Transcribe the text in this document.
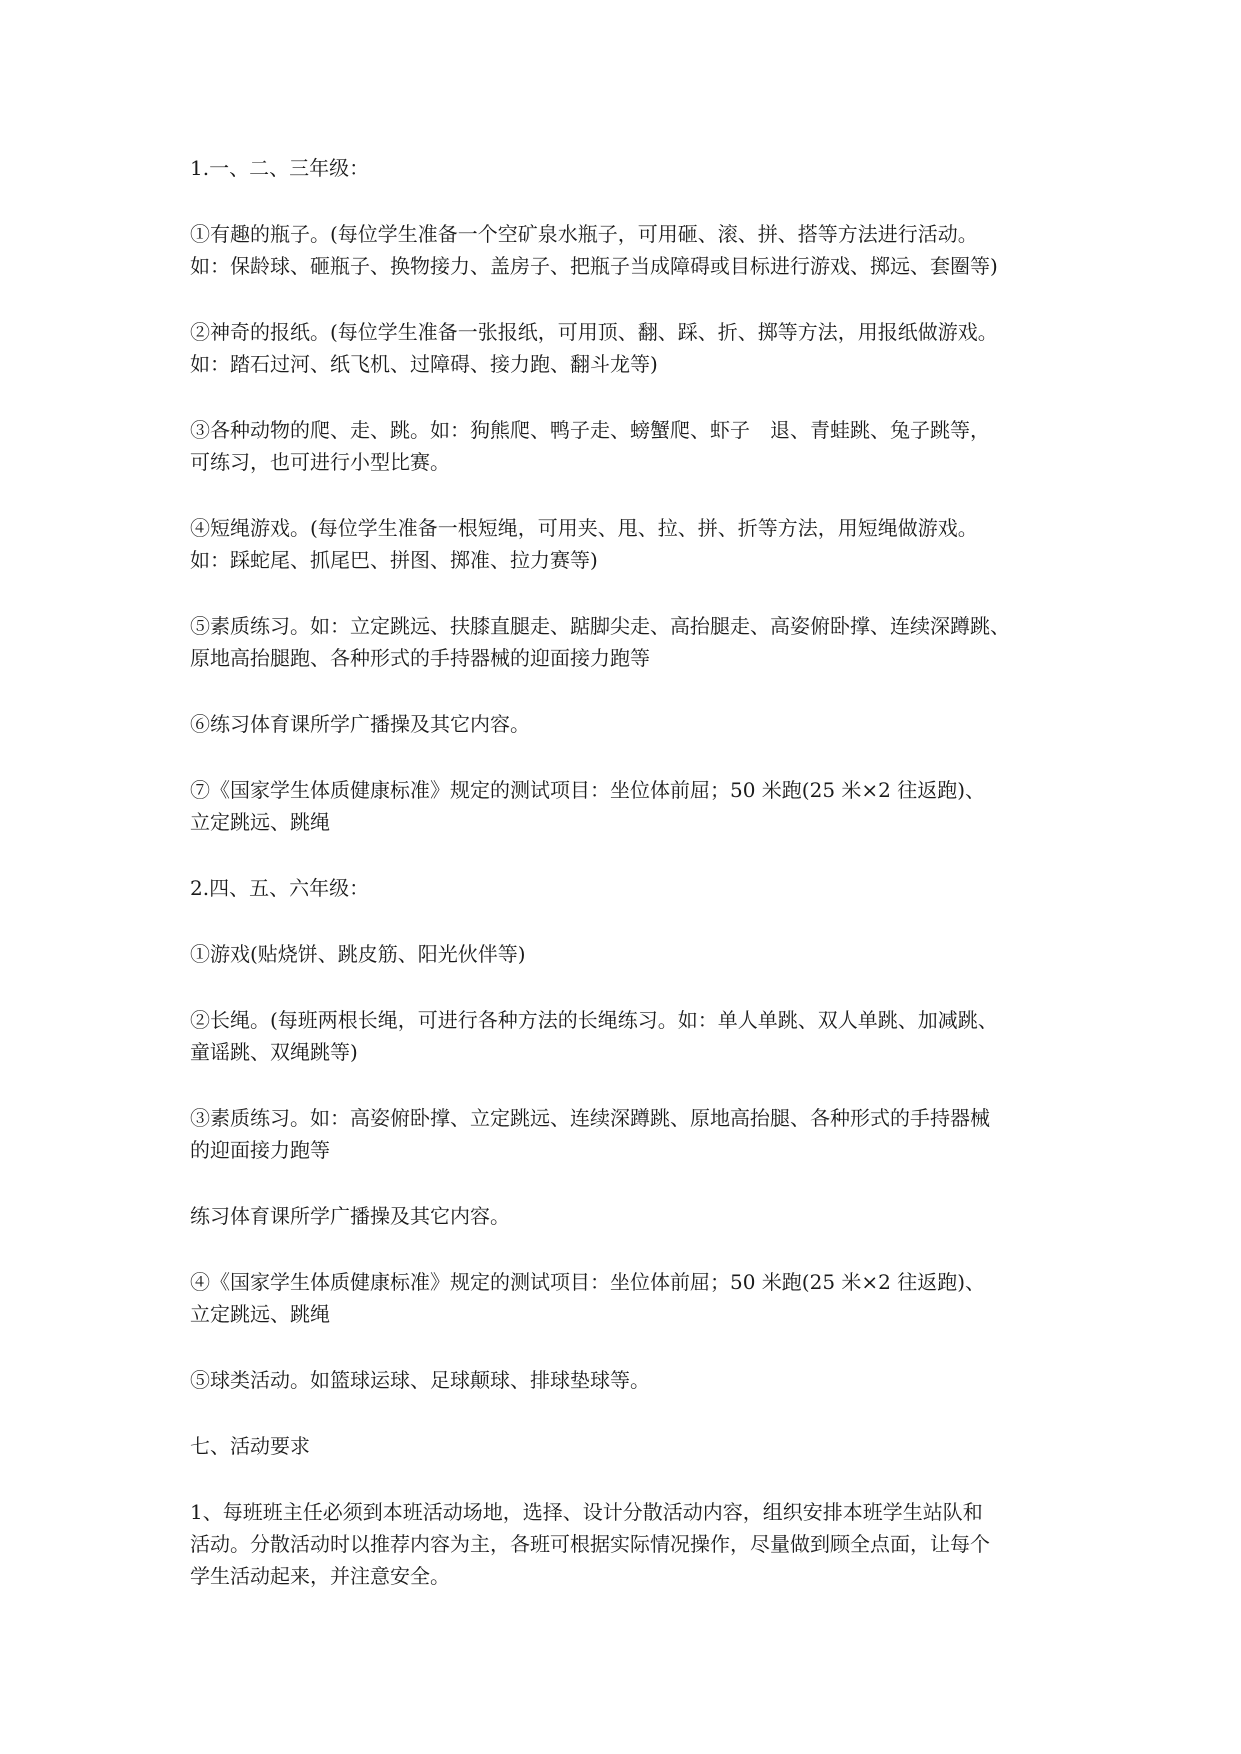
1.一、二、三年级：

①有趣的瓶子。(每位学生准备一个空矿泉水瓶子，可用砸、滚、拼、搭等方法进行活动。
如：保龄球、砸瓶子、换物接力、盖房子、把瓶子当成障碍或目标进行游戏、掷远、套圈等)

②神奇的报纸。(每位学生准备一张报纸，可用顶、翻、踩、折、掷等方法，用报纸做游戏。
如：踏石过河、纸飞机、过障碍、接力跑、翻斗龙等)

③各种动物的爬、走、跳。如：狗熊爬、鸭子走、螃蟹爬、虾子　退、青蛙跳、兔子跳等，
可练习，也可进行小型比赛。

④短绳游戏。(每位学生准备一根短绳，可用夹、甩、拉、拼、折等方法，用短绳做游戏。
如：踩蛇尾、抓尾巴、拼图、掷准、拉力赛等)

⑤素质练习。如：立定跳远、扶膝直腿走、踮脚尖走、高抬腿走、高姿俯卧撑、连续深蹲跳、
原地高抬腿跑、各种形式的手持器械的迎面接力跑等

⑥练习体育课所学广播操及其它内容。

⑦《国家学生体质健康标准》规定的测试项目：坐位体前屈；50 米跑(25 米×2 往返跑)、
立定跳远、跳绳

2.四、五、六年级：

①游戏(贴烧饼、跳皮筋、阳光伙伴等)

②长绳。(每班两根长绳，可进行各种方法的长绳练习。如：单人单跳、双人单跳、加减跳、
童谣跳、双绳跳等)

③素质练习。如：高姿俯卧撑、立定跳远、连续深蹲跳、原地高抬腿、各种形式的手持器械
的迎面接力跑等

练习体育课所学广播操及其它内容。

④《国家学生体质健康标准》规定的测试项目：坐位体前屈；50 米跑(25 米×2 往返跑)、
立定跳远、跳绳

⑤球类活动。如篮球运球、足球颠球、排球垫球等。

七、活动要求

1、每班班主任必须到本班活动场地，选择、设计分散活动内容，组织安排本班学生站队和
活动。分散活动时以推荐内容为主，各班可根据实际情况操作，尽量做到顾全点面，让每个
学生活动起来，并注意安全。
